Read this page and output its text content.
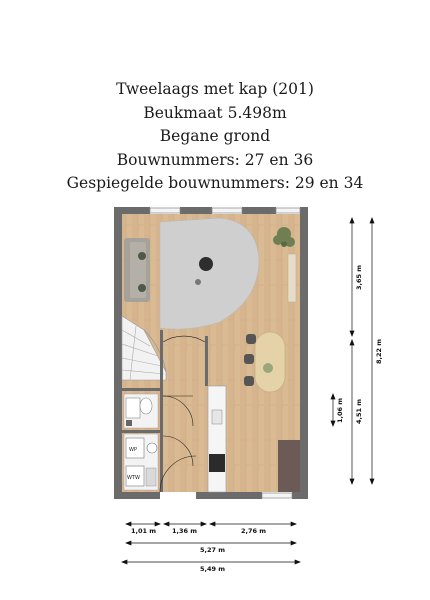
Tweelaags met kap (201)
Beukmaat 5.498m
Begane grond
Bouwnummers: 27 en 36
Gespiegelde bouwnummers: 29 en 34
WP
WTW
3,65 m
8,22 m
4,51 m
1,06 m
1,01 m 1,36 m	2,76 m
5,27 m
5,49 m
